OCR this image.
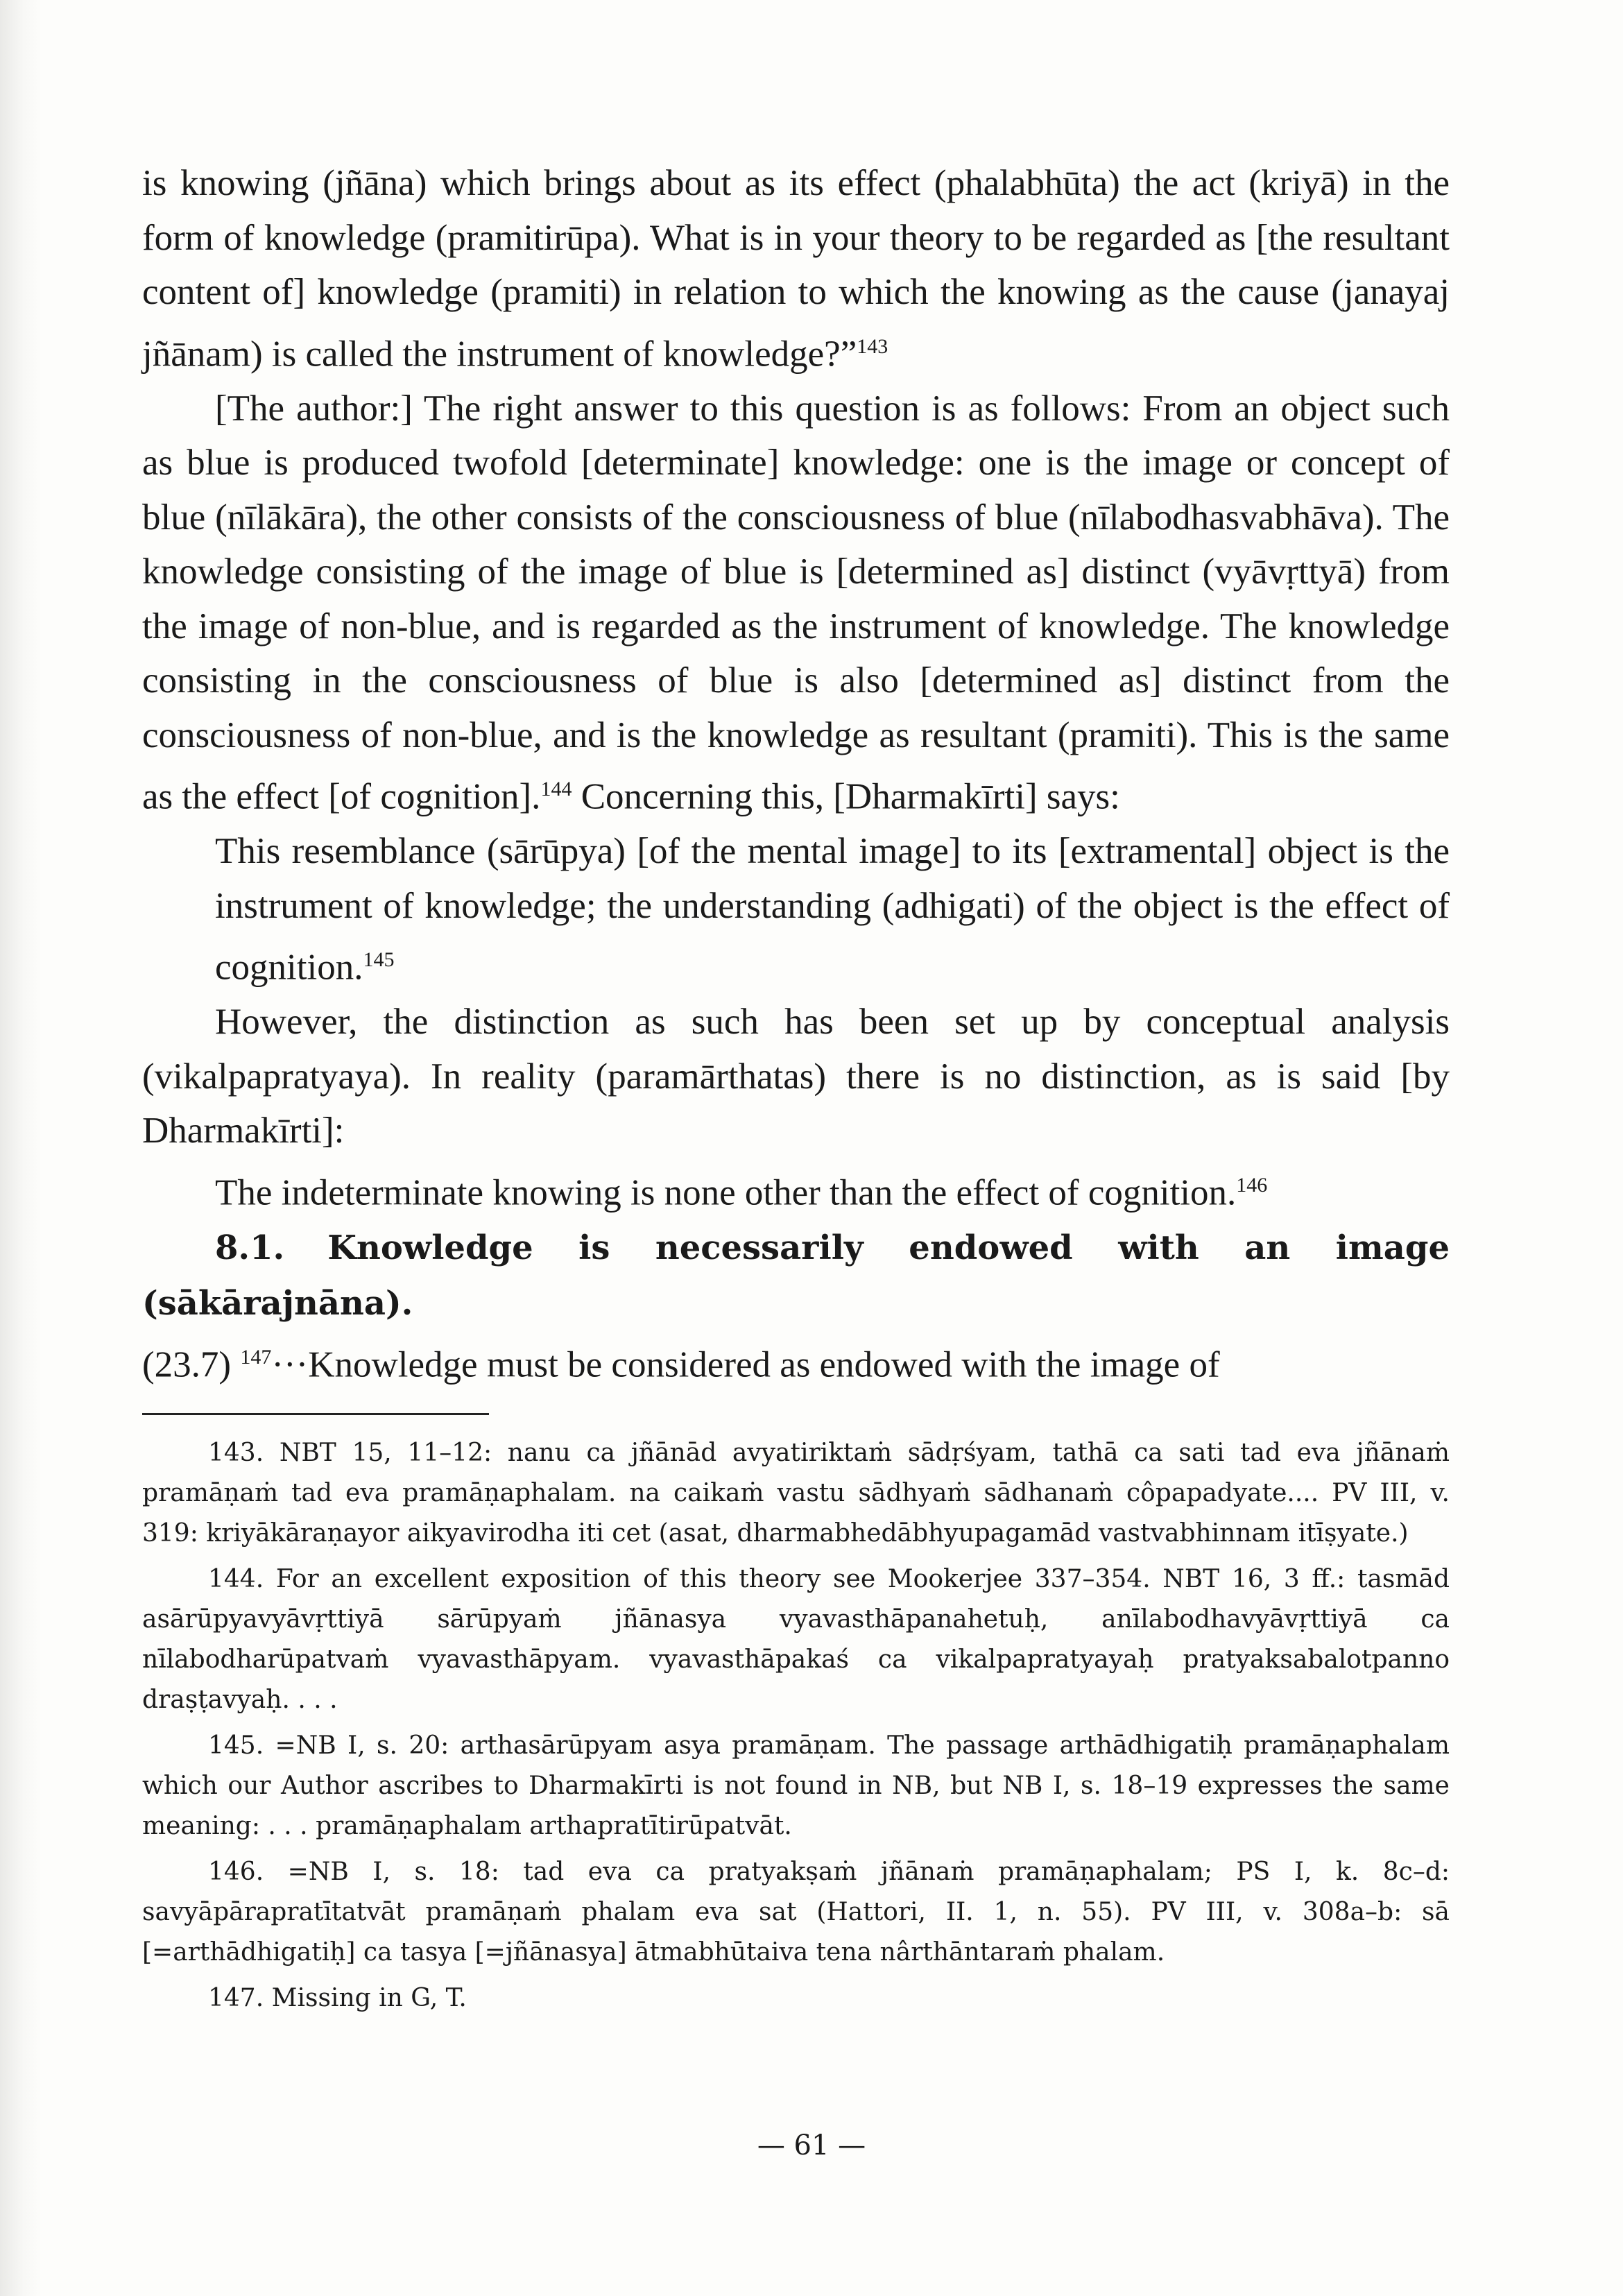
is knowing (jñāna) which brings about as its effect (phalabhūta) the act (kriyā) in the form of knowledge (pramitirūpa). What is in your theory to be regarded as [the resultant content of] knowledge (pramiti) in relation to which the knowing as the cause (janayaj jñānam) is called the instrument of knowledge?”$^{143}$

[The author:] The right answer to this question is as follows: From an object such as blue is produced twofold [determinate] knowledge: one is the image or concept of blue (nīlākāra), the other consists of the consciousness of blue (nīlabodhasvabhāva). The knowledge consisting of the image of blue is [determined as] distinct (vyāvṛttyā) from the image of non-blue, and is regarded as the instrument of knowledge. The knowledge consisting in the consciousness of blue is also [determined as] distinct from the consciousness of non-blue, and is the knowledge as resultant (pramiti). This is the same as the effect [of cognition].$^{144}$ Concerning this, [Dharmakīrti] says:

This resemblance (sārūpya) [of the mental image] to its [extramental] object is the instrument of knowledge; the understanding (adhigati) of the object is the effect of cognition.$^{145}$

However, the distinction as such has been set up by conceptual analysis (vikalpapratyaya). In reality (paramārthatas) there is no distinction, as is said [by Dharmakīrti]:

The indeterminate knowing is none other than the effect of cognition.$^{146}$

8.1. Knowledge is necessarily endowed with an image (sākārajnāna).

(23.7) $^{147}$···Knowledge must be considered as endowed with the image of

143. NBT 15, 11–12: nanu ca jñānād avyatiriktaṁ sādṛśyam, tathā ca sati tad eva jñānaṁ pramāṇaṁ tad eva pramāṇaphalam. na caikaṁ vastu sādhyaṁ sādhanaṁ côpapadyate.... PV III, v. 319: kriyākāraṇayor aikyavirodha iti cet (asat, dharmabhedābhyupagamād vastvabhinnam itīṣyate.)

144. For an excellent exposition of this theory see Mookerjee 337–354. NBT 16, 3 ff.: tasmād asārūpyavyāvṛttiyā sārūpyaṁ jñānasya vyavasthāpanahetuḥ, anīlabodhavyāvṛttiyā ca nīlabodharūpatvaṁ vyavasthāpyam. vyavasthāpakaś ca vikalpapratyayaḥ pratyaksabalotpanno draṣṭavyaḥ. . . .

145. =NB I, s. 20: arthasārūpyam asya pramāṇam. The passage arthādhigatiḥ pramāṇaphalam which our Author ascribes to Dharmakīrti is not found in NB, but NB I, s. 18–19 expresses the same meaning: . . . pramāṇaphalam arthapratītirūpatvāt.

146. =NB I, s. 18: tad eva ca pratyakṣaṁ jñānaṁ pramāṇaphalam; PS I, k. 8c–d: savyāpārapratītatvāt pramāṇaṁ phalam eva sat (Hattori, II. 1, n. 55). PV III, v. 308a–b: sā [=arthādhigatiḥ] ca tasya [=jñānasya] ātmabhūtaiva tena nârthāntaraṁ phalam.

147. Missing in G, T.

— 61 —
